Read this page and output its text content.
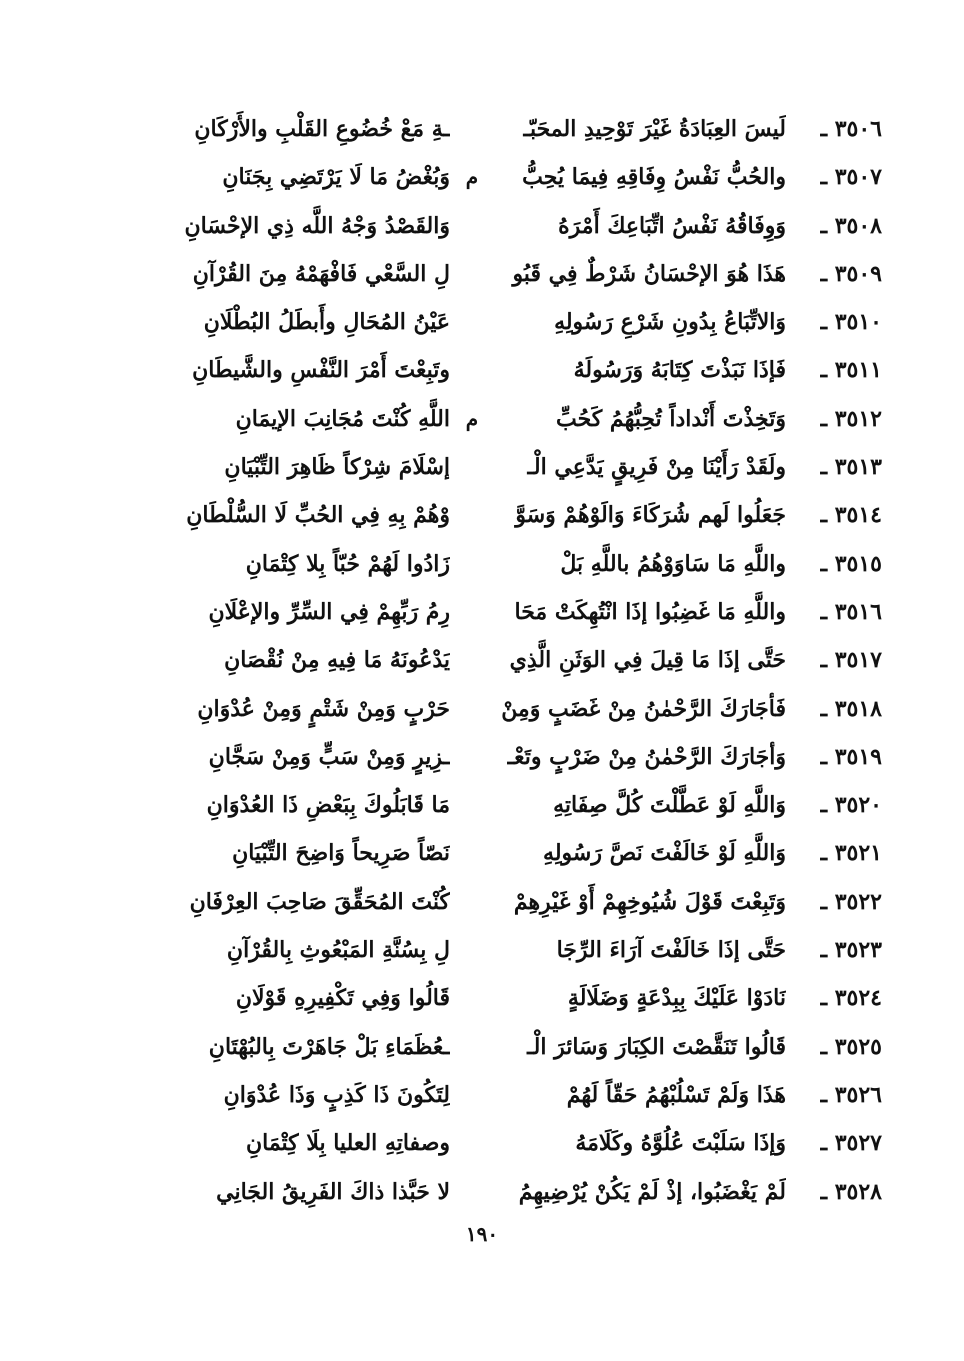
٣٥٠٦ ـ
لَيسَ العِبَادَةُ غَيْرَ تَوْحِيدِ المحَبّـ
ـةِ مَعْ خُضُوعِ القَلْبِ والأَرْكَانِ
٣٥٠٧ ـ
والحُبُّ نَفْسُ وِفَاقِهِ فِيمَا يُحِبُّ
م
وَبُغْضُ مَا لَا يَرْتَضِي بِجَنَانِ
٣٥٠٨ ـ
وَوِفَاقُهُ نَفْسُ اتِّبَاعِكَ أَمْرَهُ
وَالقَصْدُ وَجْهُ اللَّه ذِي الإحْسَانِ
٣٥٠٩ ـ
هَذَا هُوَ الإحْسَانُ شَرْطٌ فِي قَبُو
لِ السَّعْي فَافْهَمْهُ مِنَ القُرْآنِ
٣٥١٠ ـ
وَالاتِّبَاعُ بِدُونِ شَرْعِ رَسُولِهِ
عَيْنُ المُحَالِ وأَبطَلُ البُطْلَانِ
٣٥١١ ـ
فَإذَا نَبَذْتَ كِتَابَهُ وَرَسُولَهُ
وتَبِعْتَ أَمْرَ النَّفْسِ والشَّيطَانِ
٣٥١٢ ـ
وَتَخِذْتَ أَنْداداً تُحِبُّهُمُ كَحُبِّ
م
اللَّهِ كُنْتَ مُجَانِبَ الإيمَانِ
٣٥١٣ ـ
ولَقَدْ رَأَيْنَا مِنْ فَرِيقٍ يَدَّعِي الْـ
إسْلَامَ شِرْكاً ظَاهِرَ التِّبْيَانِ
٣٥١٤ ـ
جَعَلُوا لَهم شُرَكَاءَ وَالَوْهُمْ وَسَوَّ
وْهُمْ بِهِ فِي الحُبِّ لَا السُّلْطَانِ
٣٥١٥ ـ
واللَّهِ مَا سَاوَوْهُمُ باللَّهِ بَلْ
زَادُوا لَهُمْ حُبّاً بِلا كِتْمَانِ
٣٥١٦ ـ
واللَّهِ مَا غَضِبُوا إذَا انْتُهِكَتْ مَحَا
رِمُ رَبِّهِمْ فِي السِّرِّ والإعْلَانِ
٣٥١٧ ـ
حَتَّى إذَا مَا قِيلَ فِي الوَثَنِ الَّذِي
يَدْعُونَهُ مَا فِيهِ مِنْ نُقْصَانِ
٣٥١٨ ـ
فَأجَارَكَ الرَّحْمٰنُ مِنْ غَضَبٍ وَمِنْ
حَرْبٍ وَمِنْ شَتْمٍ وَمِنْ عُدْوَانِ
٣٥١٩ ـ
وَأجَارَكَ الرَّحْمٰنُ مِنْ ضَرْبٍ وتَعْـ
ـزِيرٍ وَمِنْ سَبٍّ وَمِنْ سَجَّانِ
٣٥٢٠ ـ
وَاللَّهِ لَوْ عَطَّلْتَ كُلَّ صِفَاتِهِ
مَا قَابَلُوكَ بِبَعْضِ ذَا العُدْوَانِ
٣٥٢١ ـ
وَاللَّهِ لَوْ خَالَفْتَ نَصَّ رَسُولِهِ
نَصّاً صَرِيحاً وَاضِحَ التِّبْيَانِ
٣٥٢٢ ـ
وَتَبِعْتَ قَوْلَ شُيُوخِهِمْ أَوْ غَيْرِهِمْ
كُنْتَ المُحَقِّقَ صَاحِبَ العِرْفَانِ
٣٥٢٣ ـ
حَتَّى إذَا خَالَفْتَ آرَاءَ الرِّجَا
لِ بِسُنَّةِ المَبْعُوثِ بِالقُرْآنِ
٣٥٢٤ ـ
نَادَوْا عَلَيْكَ بِبِدْعَةٍ وَضَلَالَةٍ
قَالُوا وَفِي تَكْفِيرِهِ قَوْلَانِ
٣٥٢٥ ـ
قَالُوا تَنَقَّصْتَ الكِبَارَ وَسَائرَ الْـ
ـعُظَمَاءِ بَلْ جَاهَرْتَ بِالبُهْتَانِ
٣٥٢٦ ـ
هَذَا وَلَمْ تَسْلُبْهُمُ حَقّاً لَهُمْ
لِتَكُونَ ذَا كَذِبٍ وَذَا عُدْوَانِ
٣٥٢٧ ـ
وَإذَا سَلَبْتَ عُلُوَّهُ وكَلَامَهُ
وصفاتِهِ العليا بِلَا كِتْمَانِ
٣٥٢٨ ـ
لَمْ يَغْضَبُوا، إذْ لَمْ يَكُنْ يُرْضِيهِمُ
لا حَبَّذا ذاكَ الفَرِيقُ الجَانِي
١٩٠
